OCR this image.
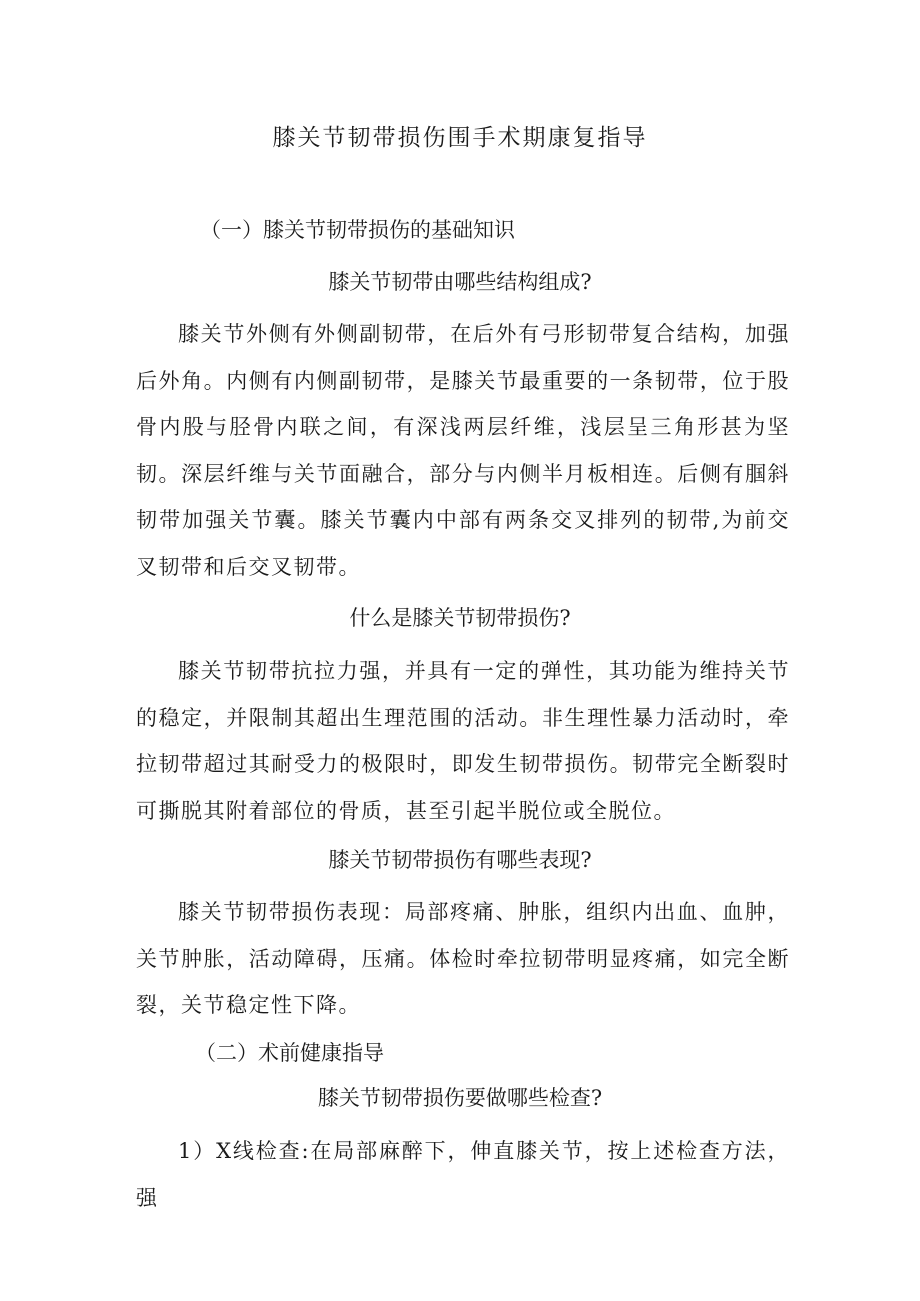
膝关节韧带损伤围手术期康复指导
（一）膝关节韧带损伤的基础知识
膝关节韧带由哪些结构组成?
膝关节外侧有外侧副韧带，在后外有弓形韧带复合结构，加强后外角。内侧有内侧副韧带，是膝关节最重要的一条韧带，位于股骨内股与胫骨内联之间，有深浅两层纤维，浅层呈三角形甚为坚韧。深层纤维与关节面融合，部分与内侧半月板相连。后侧有腘斜韧带加强关节囊。膝关节囊内中部有两条交叉排列的韧带,为前交叉韧带和后交叉韧带。
什么是膝关节韧带损伤?
膝关节韧带抗拉力强，并具有一定的弹性，其功能为维持关节的稳定，并限制其超出生理范围的活动。非生理性暴力活动时，牵拉韧带超过其耐受力的极限时，即发生韧带损伤。韧带完全断裂时可撕脱其附着部位的骨质，甚至引起半脱位或全脱位。
膝关节韧带损伤有哪些表现?
膝关节韧带损伤表现：局部疼痛、肿胀，组织内出血、血肿，关节肿胀，活动障碍，压痛。体检时牵拉韧带明显疼痛，如完全断裂，关节稳定性下降。
（二）术前健康指导
膝关节韧带损伤要做哪些检查?
1）X线检查:在局部麻醉下，伸直膝关节，按上述检查方法，强
